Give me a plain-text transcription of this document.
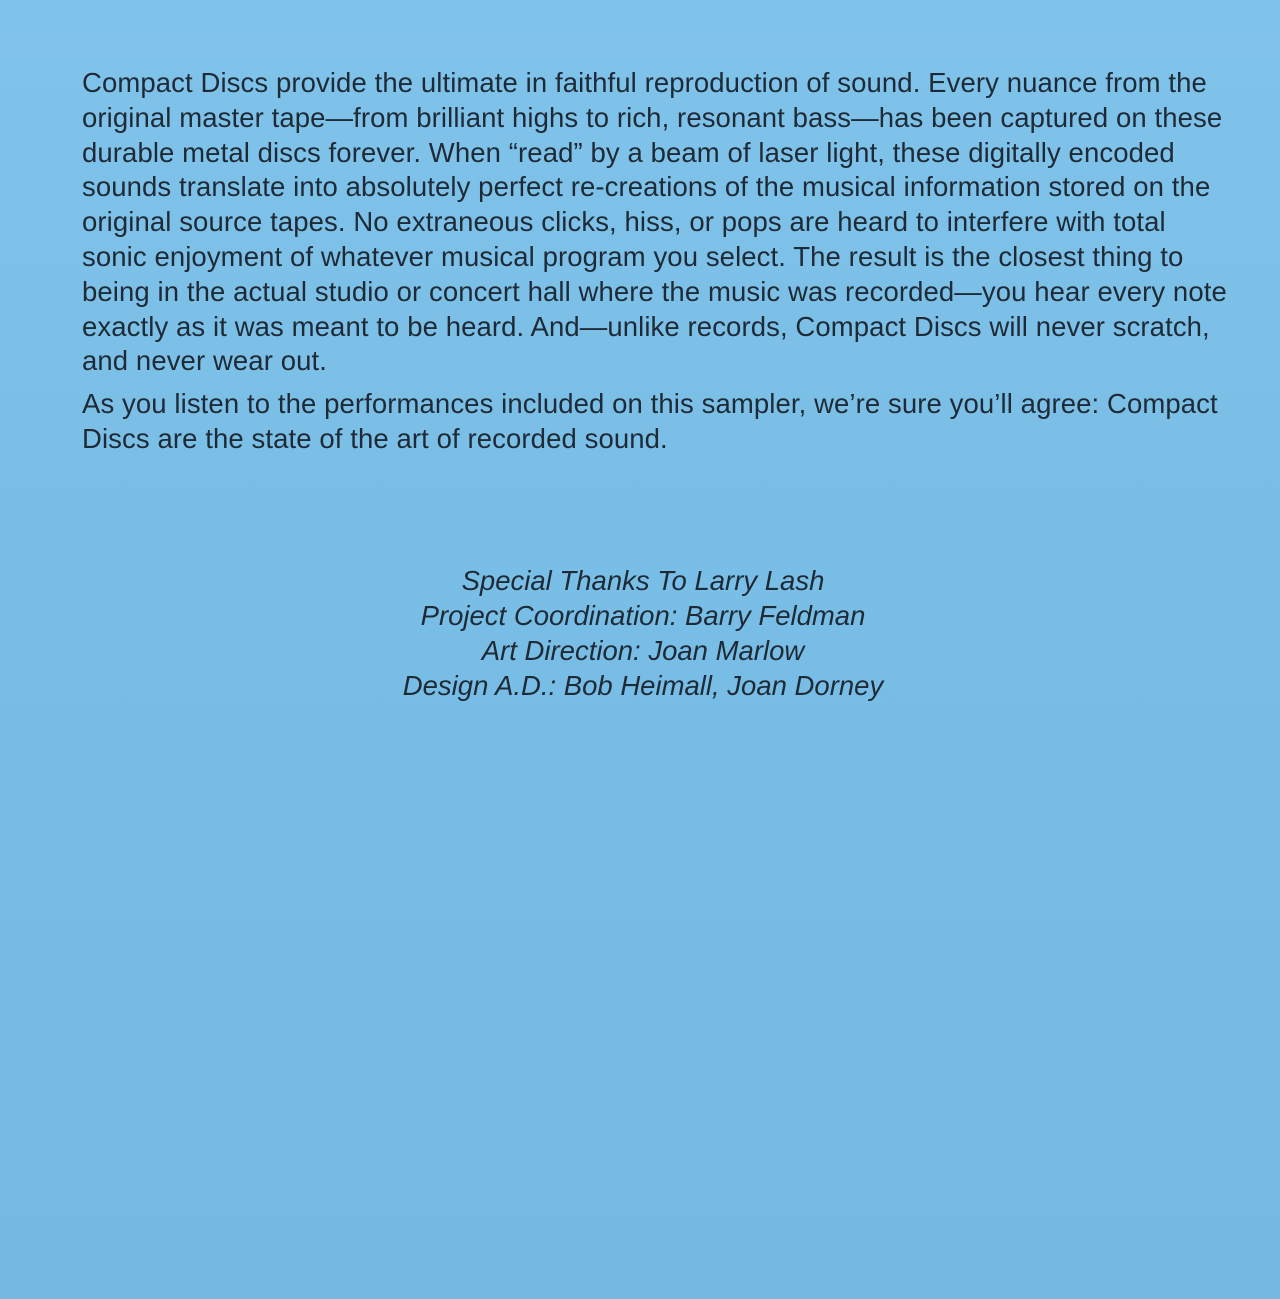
Compact Discs provide the ultimate in faithful reproduction of sound. Every nuance from the original master tape—from brilliant highs to rich, resonant bass—has been captured on these durable metal discs forever. When “read” by a beam of laser light, these digitally encoded sounds translate into absolutely perfect re-creations of the musical information stored on the original source tapes. No extraneous clicks, hiss, or pops are heard to interfere with total sonic enjoyment of whatever musical program you select. The result is the closest thing to being in the actual studio or concert hall where the music was recorded—you hear every note exactly as it was meant to be heard. And—unlike records, Compact Discs will never scratch, and never wear out.

As you listen to the performances included on this sampler, we’re sure you’ll agree: Compact Discs are the state of the art of recorded sound.

Special Thanks To Larry Lash
Project Coordination: Barry Feldman
Art Direction: Joan Marlow
Design A.D.: Bob Heimall, Joan Dorney
